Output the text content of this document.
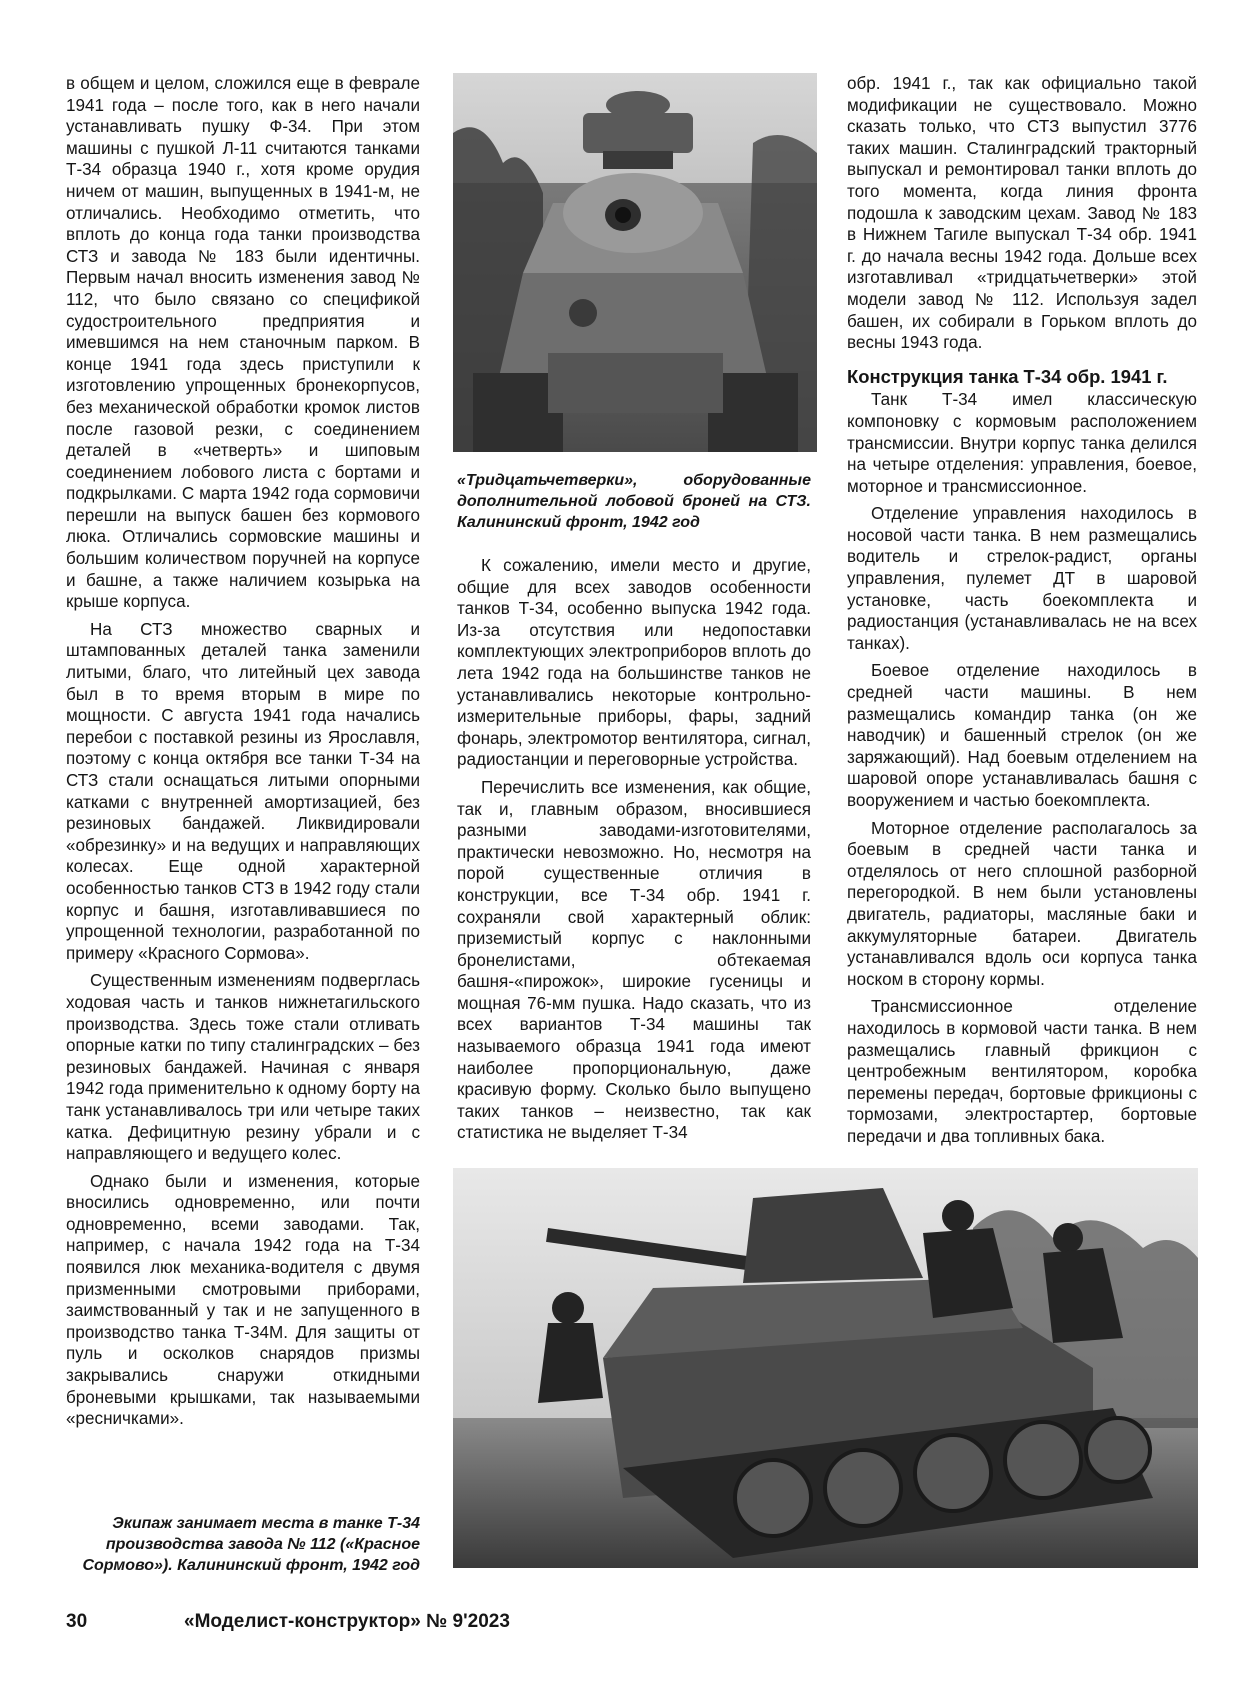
в общем и целом, сложился еще в феврале 1941 года – после того, как в него начали устанавливать пушку Ф-34. При этом машины с пушкой Л-11 считаются танками Т-34 образца 1940 г., хотя кроме орудия ничем от машин, выпущенных в 1941-м, не отличались. Необходимо отметить, что вплоть до конца года танки производства СТЗ и завода № 183 были идентичны. Первым начал вносить изменения завод № 112, что было связано со спецификой судостроительного предприятия и имевшимся на нем станочным парком. В конце 1941 года здесь приступили к изготовлению упрощенных бронекорпусов, без механической обработки кромок листов после газовой резки, с соединением деталей в «четверть» и шиповым соединением лобового листа с бортами и подкрылками. С марта 1942 года сормовичи перешли на выпуск башен без кормового люка. Отличались сормовские машины и большим количеством поручней на корпусе и башне, а также наличием козырька на крыше корпуса.

На СТЗ множество сварных и штампованных деталей танка заменили литыми, благо, что литейный цех завода был в то время вторым в мире по мощности. С августа 1941 года начались перебои с поставкой резины из Ярославля, поэтому с конца октября все танки Т-34 на СТЗ стали оснащаться литыми опорными катками с внутренней амортизацией, без резиновых бандажей. Ликвидировали «обрезинку» и на ведущих и направляющих колесах. Еще одной характерной особенностью танков СТЗ в 1942 году стали корпус и башня, изготавливавшиеся по упрощенной технологии, разработанной по примеру «Красного Сормова».

Существенным изменениям подверглась ходовая часть и танков нижнетагильского производства. Здесь тоже стали отливать опорные катки по типу сталинградских – без резиновых бандажей. Начиная с января 1942 года применительно к одному борту на танк устанавливалось три или четыре таких катка. Дефицитную резину убрали и с направляющего и ведущего колес.

Однако были и изменения, которые вносились одновременно, или почти одновременно, всеми заводами. Так, например, с начала 1942 года на Т-34 появился люк механика-водителя с двумя призменными смотровыми приборами, заимствованный у так и не запущенного в производство танка Т-34М. Для защиты от пуль и осколков снарядов призмы закрывались снаружи откидными броневыми крышками, так называемыми «ресничками».

«Тридцатьчетверки», оборудованные дополнительной лобовой броней на СТЗ. Калининский фронт, 1942 год

К сожалению, имели место и другие, общие для всех заводов особенности танков Т-34, особенно выпуска 1942 года. Из-за отсутствия или недопоставки комплектующих электроприборов вплоть до лета 1942 года на большинстве танков не устанавливались некоторые контрольно-измерительные приборы, фары, задний фонарь, электромотор вентилятора, сигнал, радиостанции и переговорные устройства.

Перечислить все изменения, как общие, так и, главным образом, вносившиеся разными заводами-изготовителями, практически невозможно. Но, несмотря на порой существенные отличия в конструкции, все Т-34 обр. 1941 г. сохраняли свой характерный облик: приземистый корпус с наклонными бронелистами, обтекаемая башня-«пирожок», широкие гусеницы и мощная 76-мм пушка. Надо сказать, что из всех вариантов Т-34 машины так называемого образца 1941 года имеют наиболее пропорциональную, даже красивую форму. Сколько было выпущено таких танков – неизвестно, так как статистика не выделяет Т-34

обр. 1941 г., так как официально такой модификации не существовало. Можно сказать только, что СТЗ выпустил 3776 таких машин. Сталинградский тракторный выпускал и ремонтировал танки вплоть до того момента, когда линия фронта подошла к заводским цехам. Завод № 183 в Нижнем Тагиле выпускал Т-34 обр. 1941 г. до начала весны 1942 года. Дольше всех изготавливал «тридцатьчетверки» этой модели завод № 112. Используя задел башен, их собирали в Горьком вплоть до весны 1943 года.

Конструкция танка Т-34 обр. 1941 г.

Танк Т-34 имел классическую компоновку с кормовым расположением трансмиссии. Внутри корпус танка делился на четыре отделения: управления, боевое, моторное и трансмиссионное.

Отделение управления находилось в носовой части танка. В нем размещались водитель и стрелок-радист, органы управления, пулемет ДТ в шаровой установке, часть боекомплекта и радиостанция (устанавливалась не на всех танках).

Боевое отделение находилось в средней части машины. В нем размещались командир танка (он же наводчик) и башенный стрелок (он же заряжающий). Над боевым отделением на шаровой опоре устанавливалась башня с вооружением и частью боекомплекта.

Моторное отделение располагалось за боевым в средней части танка и отделялось от него сплошной разборной перегородкой. В нем были установлены двигатель, радиаторы, масляные баки и аккумуляторные батареи. Двигатель устанавливался вдоль оси корпуса танка носком в сторону кормы.

Трансмиссионное отделение находилось в кормовой части танка. В нем размещались главный фрикцион с центробежным вентилятором, коробка перемены передач, бортовые фрикционы с тормозами, электростартер, бортовые передачи и два топливных бака.

Экипаж занимает места в танке Т-34 производства завода № 112 («Красное Сормово»). Калининский фронт, 1942 год
30	«Моделист-конструктор» № 9'2023
